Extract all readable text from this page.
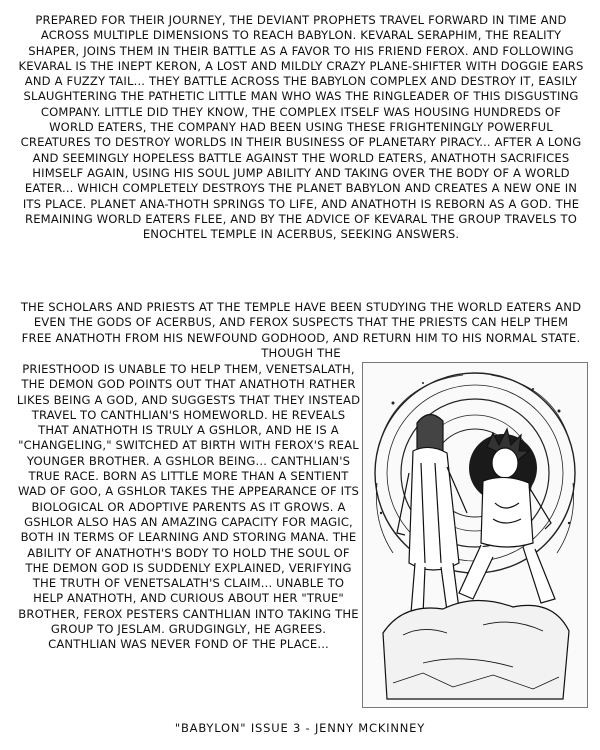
PREPARED FOR THEIR JOURNEY, THE DEVIANT PROPHETS TRAVEL FORWARD IN TIME AND ACROSS MULTIPLE DIMENSIONS TO REACH BABYLON. KEVARAL SERAPHIM, THE REALITY SHAPER, JOINS THEM IN THEIR BATTLE AS A FAVOR TO HIS FRIEND FEROX. AND FOLLOWING KEVARAL IS THE INEPT KERON, A LOST AND MILDLY CRAZY PLANE-SHIFTER WITH DOGGIE EARS AND A FUZZY TAIL... THEY BATTLE ACROSS THE BABYLON COMPLEX AND DESTROY IT, EASILY SLAUGHTERING THE PATHETIC LITTLE MAN WHO WAS THE RINGLEADER OF THIS DISGUSTING COMPANY. LITTLE DID THEY KNOW, THE COMPLEX ITSELF WAS HOUSING HUNDREDS OF WORLD EATERS, THE COMPANY HAD BEEN USING THESE FRIGHTENINGLY POWERFUL CREATURES TO DESTROY WORLDS IN THEIR BUSINESS OF PLANETARY PIRACY... AFTER A LONG AND SEEMINGLY HOPELESS BATTLE AGAINST THE WORLD EATERS, ANATHOTH SACRIFICES HIMSELF AGAIN, USING HIS SOUL JUMP ABILITY AND TAKING OVER THE BODY OF A WORLD EATER... WHICH COMPLETELY DESTROYS THE PLANET BABYLON AND CREATES A NEW ONE IN ITS PLACE. PLANET ANA-THOTH SPRINGS TO LIFE, AND ANATHOTH IS REBORN AS A GOD. THE REMAINING WORLD EATERS FLEE, AND BY THE ADVICE OF KEVARAL THE GROUP TRAVELS TO ENOCHTEL TEMPLE IN ACERBUS, SEEKING ANSWERS.
THE SCHOLARS AND PRIESTS AT THE TEMPLE HAVE BEEN STUDYING THE WORLD EATERS AND EVEN THE GODS OF ACERBUS, AND FEROX SUSPECTS THAT THE PRIESTS CAN HELP THEM FREE ANATHOTH FROM HIS NEWFOUND GODHOOD, AND RETURN HIM TO HIS NORMAL STATE. THOUGH THE
PRIESTHOOD IS UNABLE TO HELP THEM, VENETSALATH, THE DEMON GOD POINTS OUT THAT ANATHOTH RATHER LIKES BEING A GOD, AND SUGGESTS THAT THEY INSTEAD TRAVEL TO CANTHLIAN'S HOMEWORLD. HE REVEALS THAT ANATHOTH IS TRULY A GSHLOR, AND HE IS A "CHANGELING," SWITCHED AT BIRTH WITH FEROX'S REAL YOUNGER BROTHER. A GSHLOR BEING... CANTHLIAN'S TRUE RACE. BORN AS LITTLE MORE THAN A SENTIENT WAD OF GOO, A GSHLOR TAKES THE APPEARANCE OF ITS BIOLOGICAL OR ADOPTIVE PARENTS AS IT GROWS. A GSHLOR ALSO HAS AN AMAZING CAPACITY FOR MAGIC, BOTH IN TERMS OF LEARNING AND STORING MANA. THE ABILITY OF ANATHOTH'S BODY TO HOLD THE SOUL OF THE DEMON GOD IS SUDDENLY EXPLAINED, VERIFYING THE TRUTH OF VENETSALATH'S CLAIM... UNABLE TO HELP ANATHOTH, AND CURIOUS ABOUT HER "TRUE" BROTHER, FEROX PESTERS CANTHLIAN INTO TAKING THE GROUP TO JESLAM. GRUDGINGLY, HE AGREES. CANTHLIAN WAS NEVER FOND OF THE PLACE...
"BABYLON" ISSUE 3 - JENNY MCKINNEY
